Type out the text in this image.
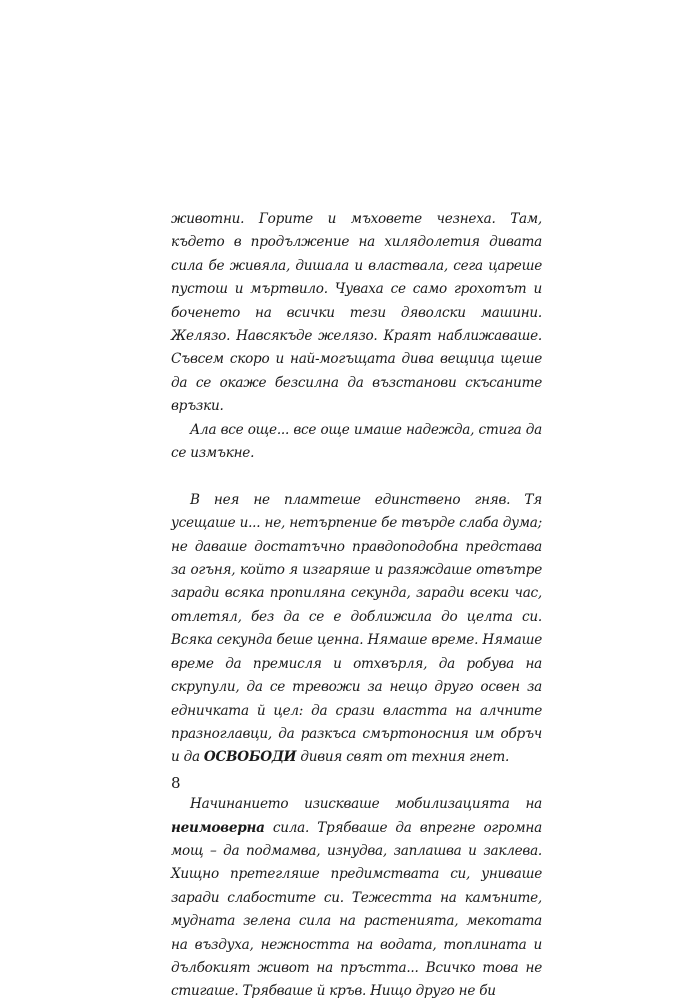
животни. Горите и мъховете чезнеха. Там, където в продължение на хилядолетия дивата сила бе живяла, дишала и властвала, сега цареше пустош и мъртвило. Чуваха се само грохотът и боченето на всички тези дяволски машини. Желязо. Навсякъде желязо. Краят наближаваше. Съвсем скоро и най-могъщата дива вещица щеше да се окаже безсилна да възстанови скъсаните връзки.

Ала все още... все още имаше надежда, стига да се измъкне.

В нея не пламтеше единствено гняв. Тя усещаше и... не, нетърпение бе твърде слаба дума; не даваше достатъчно правдоподобна представа за огъня, който я изгаряше и разяждаше отвътре заради всяка пропиляна секунда, заради всеки час, отлетял, без да се е доближила до целта си. Всяка секунда беше ценна. Нямаше време. Нямаше време да премисля и отхвърля, да робува на скрупули, да се тревожи за нещо друго освен за едничката й цел: да срази властта на алчните празноглавци, да разкъса смъртоносния им обръч и да ОСВОБОДИ дивия свят от техния гнет.

Начинанието изискваше мобилизацията на неимоверна сила. Трябваше да впрегне огромна мощ – да подмамва, изнудва, заплашва и заклева. Хищно претегляше предимствата си, униваше заради слабостите си. Тежестта на камъните, мудната зелена сила на растенията, мекотата на въздуха, нежността на водата, топлината и дълбокият живот на пръстта... Всичко това не стигаше. Трябваше й кръв. Нищо друго не би

8
